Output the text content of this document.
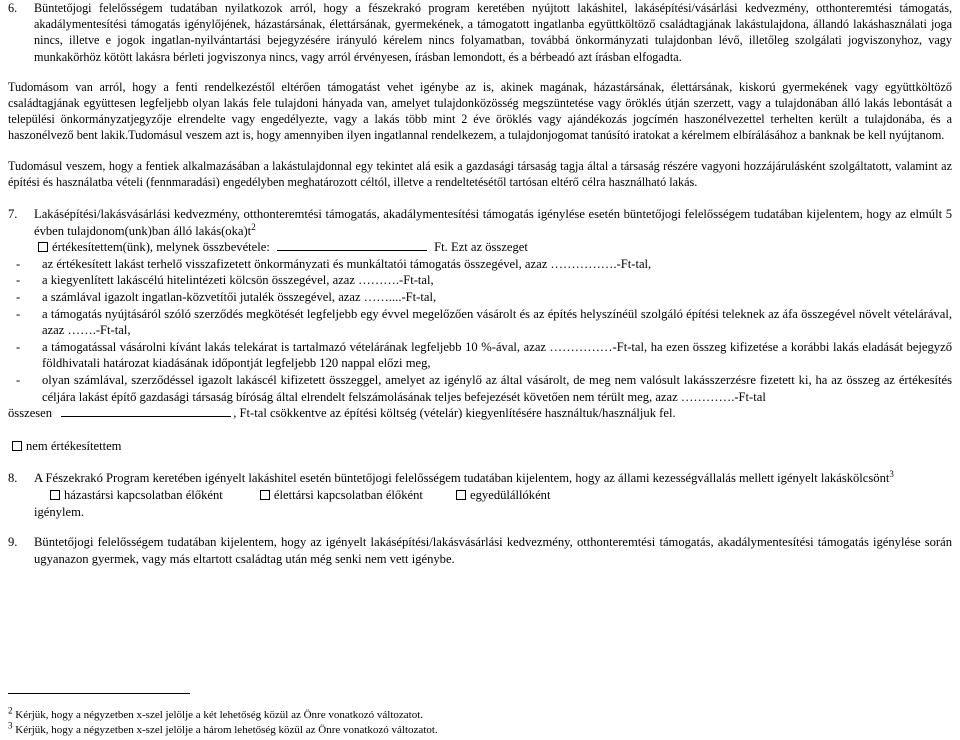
6.	Büntetőjogi felelősségem tudatában nyilatkozok arról, hogy a fészekrakó program keretében nyújtott lakáshitel, lakásépítési/vásárlási kedvezmény, otthonteremtési támogatás, akadálymentesítési támogatás igénylőjének, házastársának, élettársának, gyermekének, a támogatott ingatlanba együttköltöző családtagjának lakástulajdona, állandó lakáshasználati joga nincs, illetve e jogok ingatlan-nyilvántartási bejegyzésére irányuló kérelem nincs folyamatban, továbbá önkormányzati tulajdonban lévő, illetőleg szolgálati jogviszonyhoz, vagy munkakörhöz kötött lakásra bérleti jogviszonya nincs, vagy arról érvényesen, írásban lemondott, és a bérbeadó azt írásban elfogadta.

Tudomásom van arról, hogy a fenti rendelkezéstől eltérően támogatást vehet igénybe az is, akinek magának, házastársának, élettársának, kiskorú gyermekének vagy együttköltöző családtagjának együttesen legfeljebb olyan lakás fele tulajdoni hányada van, amelyet tulajdonközösség megszüntetése vagy öröklés útján szerzett, vagy a tulajdonában álló lakás lebontását a települési önkormányzatjegyzője elrendelte vagy engedélyezte, vagy a lakás több mint 2 éve öröklés vagy ajándékozás jogcímén haszonélvezettel terhelten került a tulajdonába, és a haszonélvező bent lakik.Tudomásul veszem azt is, hogy amennyiben ilyen ingatlannal rendelkezem, a tulajdonjogomat tanúsító iratokat a kérelmem elbírálásához a banknak be kell nyújtanom.

Tudomásul veszem, hogy a fentiek alkalmazásában a lakástulajdonnal egy tekintet alá esik a gazdasági társaság tagja által a társaság részére vagyoni hozzájárulásként szolgáltatott, valamint az építési és használatba vételi (fennmaradási) engedélyben meghatározott céltól, illetve a rendeltetésétől tartósan eltérő célra használható lakás.

7.	Lakásépítési/lakásvásárlási kedvezmény, otthonteremtési támogatás, akadálymentesítési támogatás igénylése esetén büntetőjogi felelősségem tudatában kijelentem, hogy az elmúlt 5 évben tulajdonom(unk)ban álló $lakás(oka)t^2$
értékesítettem(ünk), melynek összbevétele:	Ft. Ezt az összeget
-	az értékesített lakást terhelő visszafizetett önkormányzati és munkáltatói támogatás összegével, azaz …………….-Ft-tal,
-	a kiegyenlített lakáscélú hitelintézeti kölcsön összegével, azaz ……….-Ft-tal,
-	a számlával igazolt ingatlan-közvetítői jutalék összegével, azaz ……....-Ft-tal,
-	a támogatás nyújtásáról szóló szerződés megkötését legfeljebb egy évvel megelőzően vásárolt és az építés helyszínéül szolgáló építési teleknek az áfa összegével növelt vételárával, azaz …….-Ft-tal,
-	a támogatással vásárolni kívánt lakás telekárat is tartalmazó vételárának legfeljebb 10 %-ával, azaz ……………-Ft-tal, ha ezen összeg kifizetése a korábbi lakás eladását bejegyző földhivatali határozat kiadásának időpontját legfeljebb 120 nappal előzi meg,
-	olyan számlával, szerződéssel igazolt lakáscél kifizetett összeggel, amelyet az igénylő az által vásárolt, de meg nem valósult lakásszerzésre fizetett ki, ha az összeg az értékesítés céljára lakást építő gazdasági társaság bíróság által elrendelt felszámolásának teljes befejezését követően nem térült meg, azaz ………….-Ft-tal
összesen	, Ft-tal csökkentve az építési költség (vételár) kiegyenlítésére használtuk/használjuk fel.
nem értékesítettem
8.	A Fészekrakó Program keretében igényelt lakáshitel esetén büntetőjogi felelősségem tudatában kijelentem, hogy az állami kezességvállalás mellett igényelt lakáskölcsönt$^3$
házastársi kapcsolatban élőként	élettársi kapcsolatban élőként	egyedülállóként
igénylem.
9.	Büntetőjogi felelősségem tudatában kijelentem, hogy az igényelt lakásépítési/lakásvásárlási kedvezmény, otthonteremtési támogatás, akadálymentesítési támogatás igénylése során ugyanazon gyermek, vagy más eltartott családtag után még senki nem vett igénybe.
$^2$ Kérjük, hogy a négyzetben x-szel jelölje a két lehetőség közül az Önre vonatkozó változatot.
$^3$ Kérjük, hogy a négyzetben x-szel jelölje a három lehetőség közül az Önre vonatkozó változatot.
